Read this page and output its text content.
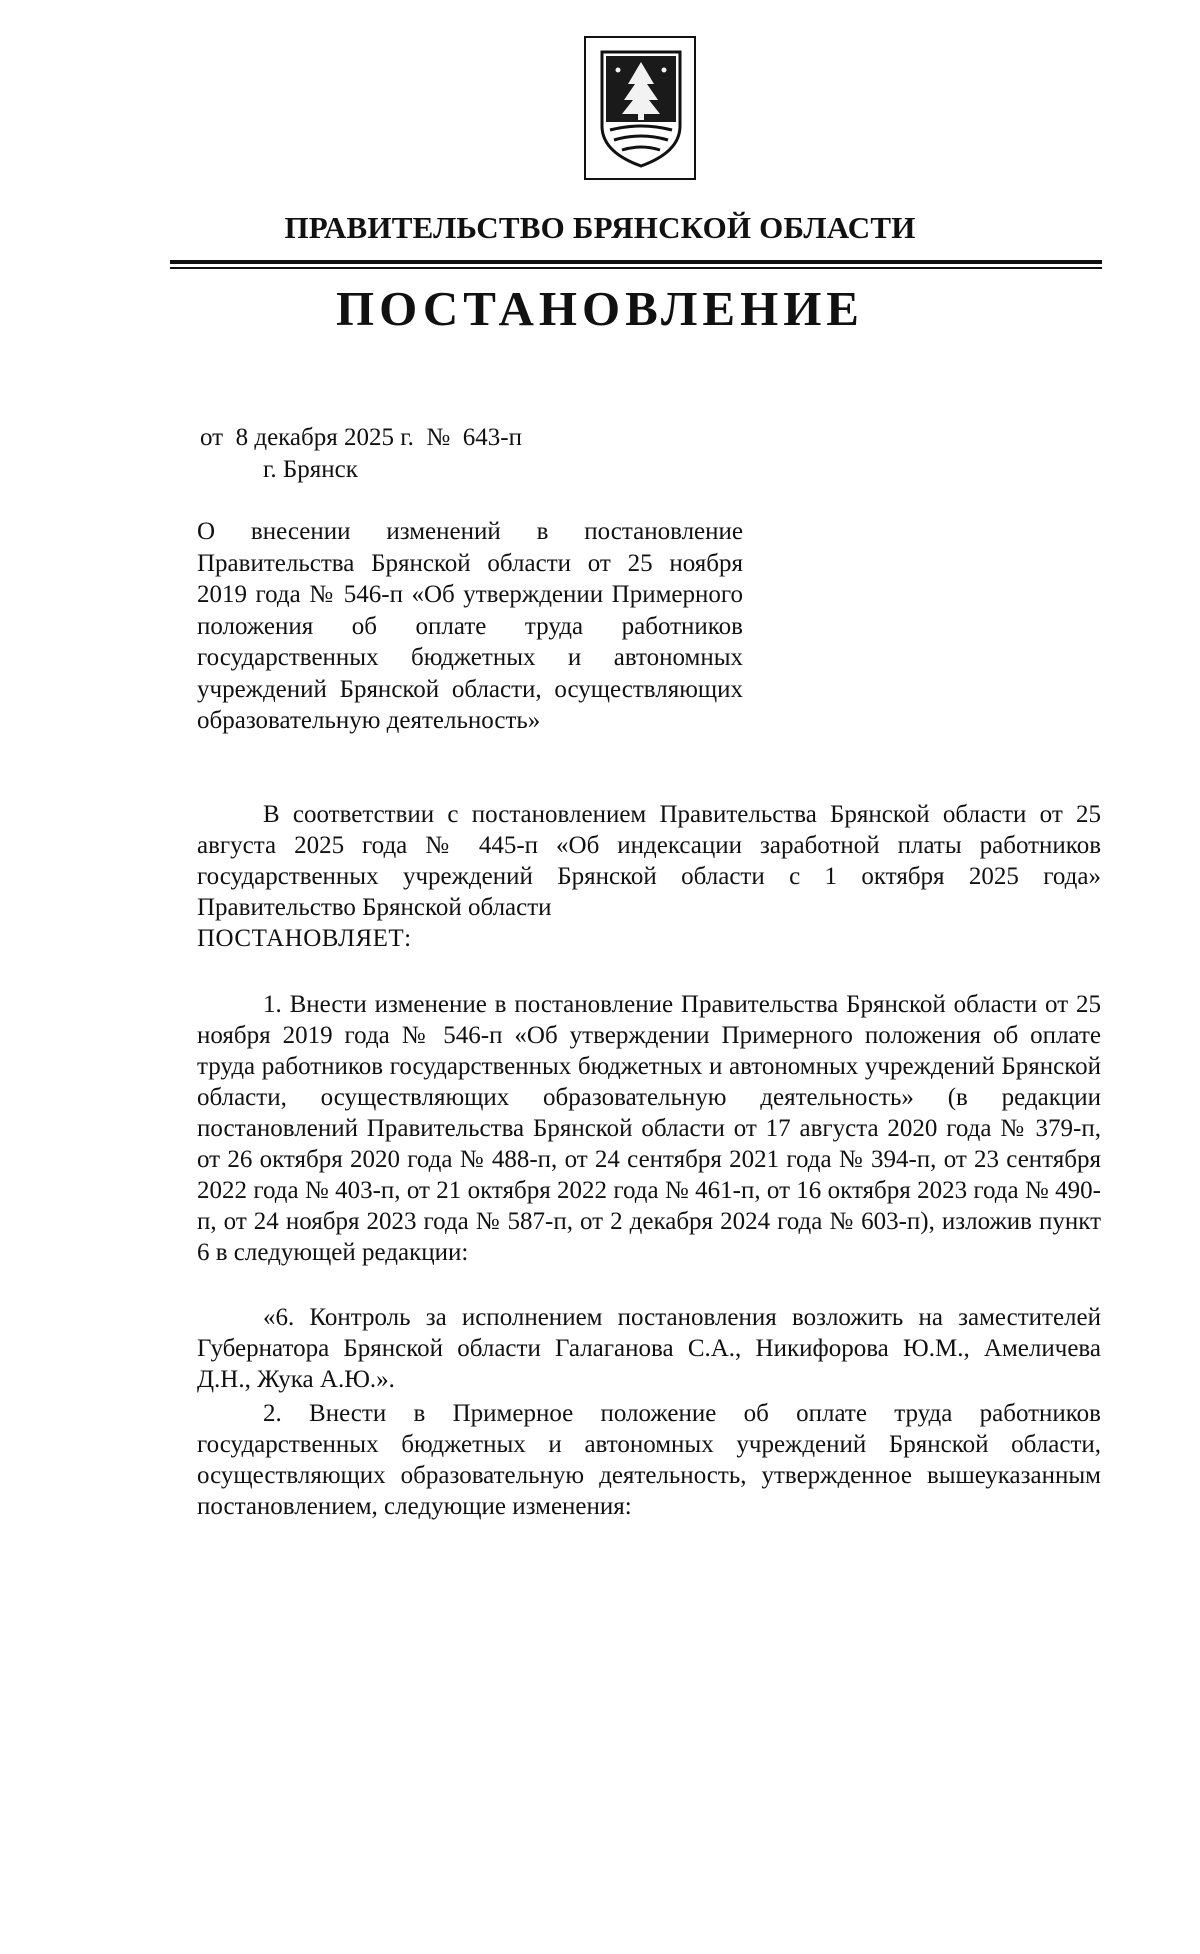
ПРАВИТЕЛЬСТВО БРЯНСКОЙ ОБЛАСТИ
ПОСТАНОВЛЕНИЕ
от  8 декабря 2025 г.  №  643-п
г. Брянск

О внесении изменений в постановление Правительства Брянской области от 25 ноября 2019 года № 546-п «Об утверждении Примерного положения об оплате труда работников государственных бюджетных и автономных учреждений Брянской области, осуществляющих образовательную деятельность»

В соответствии с постановлением Правительства Брянской области от 25 августа 2025 года № 445-п «Об индексации заработной платы работников государственных учреждений Брянской области с 1 октября 2025 года» Правительство Брянской области

ПОСТАНОВЛЯЕТ:

1. Внести изменение в постановление Правительства Брянской области от 25 ноября 2019 года № 546-п «Об утверждении Примерного положения об оплате труда работников государственных бюджетных и автономных учреждений Брянской области, осуществляющих образовательную деятельность» (в редакции постановлений Правительства Брянской области от 17 августа 2020 года № 379-п, от 26 октября 2020 года № 488-п, от 24 сентября 2021 года № 394-п, от 23 сентября 2022 года № 403-п, от 21 октября 2022 года № 461-п, от 16 октября 2023 года № 490-п, от 24 ноября 2023 года № 587-п, от 2 декабря 2024 года № 603-п), изложив пункт 6 в следующей редакции:

«6. Контроль за исполнением постановления возложить на заместителей Губернатора Брянской области Галаганова С.А., Никифорова Ю.М., Амеличева Д.Н., Жука А.Ю.».

2. Внести в Примерное положение об оплате труда работников государственных бюджетных и автономных учреждений Брянской области, осуществляющих образовательную деятельность, утвержденное вышеуказанным постановлением, следующие изменения:
